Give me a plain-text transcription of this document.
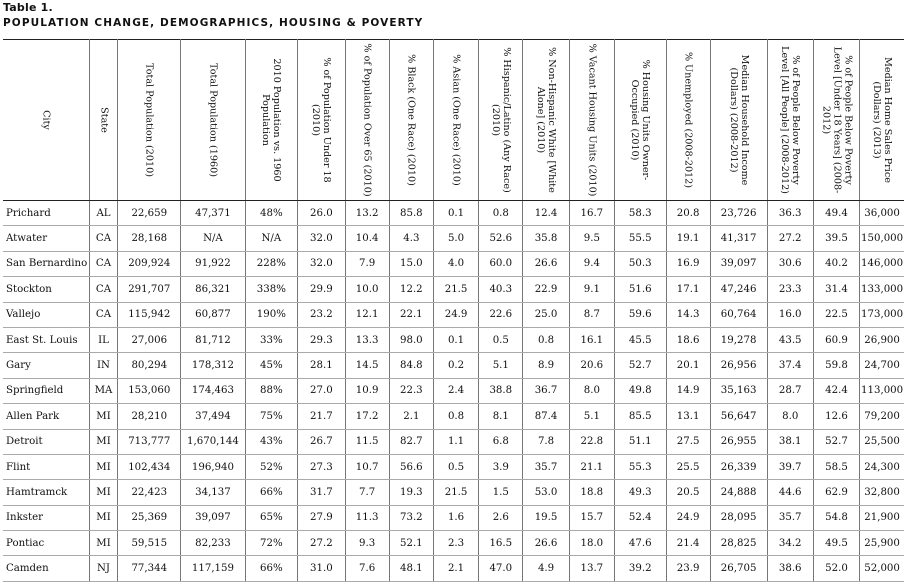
Table 1.
POPULATION CHANGE, DEMOGRAPHICS, HOUSING & POVERTY
City	State	Total Population (2010)	Total Population (1960)	2010 Population vs. 1960 Population	% of Population Under 18 (2010)	% of Population Over 65 (2010)	% Black (One Race) (2010)	% Asian (One Race) (2010)	% Hispanic/Latino (Any Race) (2010)	% Non-Hispanic White [White Alone] (2010)	% Vacant Housing Units (2010)	% Housing Units Owner-Occupied (2010)	% Unemployed (2008-2012)	Median Household Income (Dollars) (2008-2012)	% of People Below Poverty Level [All People] (2008-2012)	% of People Below Poverty Level [Under 18 Years] (2008-2012)	Median Home Sales Price (Dollars) (2013)

Prichard	AL	22,659	47,371	48%	26.0	13.2	85.8	0.1	0.8	12.4	16.7	58.3	20.8	23,726	36.3	49.4	36,000
Atwater	CA	28,168	N/A	N/A	32.0	10.4	4.3	5.0	52.6	35.8	9.5	55.5	19.1	41,317	27.2	39.5	150,000
San Bernardino	CA	209,924	91,922	228%	32.0	7.9	15.0	4.0	60.0	26.6	9.4	50.3	16.9	39,097	30.6	40.2	146,000
Stockton	CA	291,707	86,321	338%	29.9	10.0	12.2	21.5	40.3	22.9	9.1	51.6	17.1	47,246	23.3	31.4	133,000
Vallejo	CA	115,942	60,877	190%	23.2	12.1	22.1	24.9	22.6	25.0	8.7	59.6	14.3	60,764	16.0	22.5	173,000
East St. Louis	IL	27,006	81,712	33%	29.3	13.3	98.0	0.1	0.5	0.8	16.1	45.5	18.6	19,278	43.5	60.9	26,900
Gary	IN	80,294	178,312	45%	28.1	14.5	84.8	0.2	5.1	8.9	20.6	52.7	20.1	26,956	37.4	59.8	24,700
Springfield	MA	153,060	174,463	88%	27.0	10.9	22.3	2.4	38.8	36.7	8.0	49.8	14.9	35,163	28.7	42.4	113,000
Allen Park	MI	28,210	37,494	75%	21.7	17.2	2.1	0.8	8.1	87.4	5.1	85.5	13.1	56,647	8.0	12.6	79,200
Detroit	MI	713,777	1,670,144	43%	26.7	11.5	82.7	1.1	6.8	7.8	22.8	51.1	27.5	26,955	38.1	52.7	25,500
Flint	MI	102,434	196,940	52%	27.3	10.7	56.6	0.5	3.9	35.7	21.1	55.3	25.5	26,339	39.7	58.5	24,300
Hamtramck	MI	22,423	34,137	66%	31.7	7.7	19.3	21.5	1.5	53.0	18.8	49.3	20.5	24,888	44.6	62.9	32,800
Inkster	MI	25,369	39,097	65%	27.9	11.3	73.2	1.6	2.6	19.5	15.7	52.4	24.9	28,095	35.7	54.8	21,900
Pontiac	MI	59,515	82,233	72%	27.2	9.3	52.1	2.3	16.5	26.6	18.0	47.6	21.4	28,825	34.2	49.5	25,900
Camden	NJ	77,344	117,159	66%	31.0	7.6	48.1	2.1	47.0	4.9	13.7	39.2	23.9	26,705	38.6	52.0	52,000
